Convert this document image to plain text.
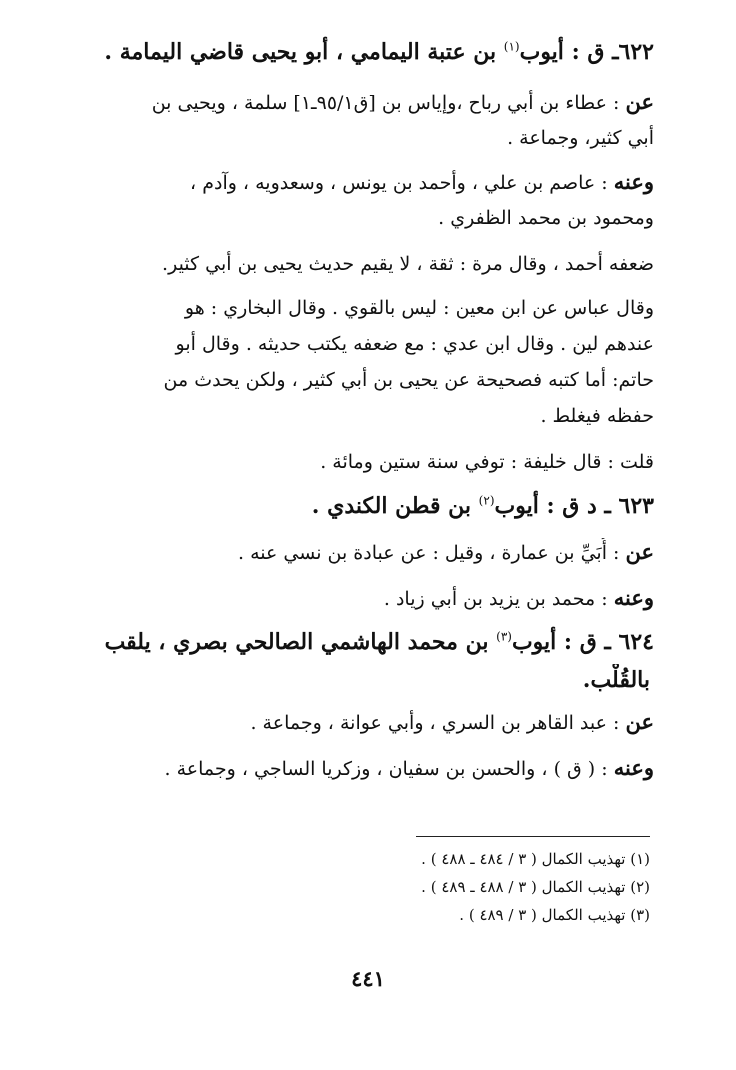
٦٢٢ـ ق : أيوب$^{(١)}$ بن عتبة اليمامي ، أبو يحيى قاضي اليمامة .
عن : عطاء بن أبي رباح ،وإياس بن [ق٩٥/١ـ١] سلمة ، ويحيى بن
أبي كثير، وجماعة .
وعنه : عاصم بن علي ، وأحمد بن يونس ، وسعدويه ، وآدم ،
ومحمود بن محمد الظفري .
ضعفه أحمد ، وقال مرة : ثقة ، لا يقيم حديث يحيى بن أبي كثير.
وقال عباس عن ابن معين : ليس بالقوي . وقال البخاري : هو
عندهم لين . وقال ابن عدي : مع ضعفه يكتب حديثه . وقال أبو
حاتم: أما كتبه فصحيحة عن يحيى بن أبي كثير ، ولكن يحدث من
حفظه فيغلط .
قلت : قال خليفة : توفي سنة ستين ومائة .
٦٢٣ ـ د ق : أيوب$^{(٢)}$ بن قطن الكندي .
عن : أُبَيِّ بن عمارة ، وقيل : عن عبادة بن نسي عنه .
وعنه : محمد بن يزيد بن أبي زياد .
٦٢٤ ـ ق : أيوب$^{(٣)}$ بن محمد الهاشمي الصالحي بصري ، يلقب
بالقُلْب.
عن : عبد القاهر بن السري ، وأبي عوانة ، وجماعة .
وعنه : ( ق ) ، والحسن بن سفيان ، وزكريا الساجي ، وجماعة .
(١) تهذيب الكمال ( ٣ / ٤٨٤ ـ ٤٨٨ ) .
(٢) تهذيب الكمال ( ٣ / ٤٨٨ ـ ٤٨٩ ) .
(٣) تهذيب الكمال ( ٣ / ٤٨٩ ) .
٤٤١
